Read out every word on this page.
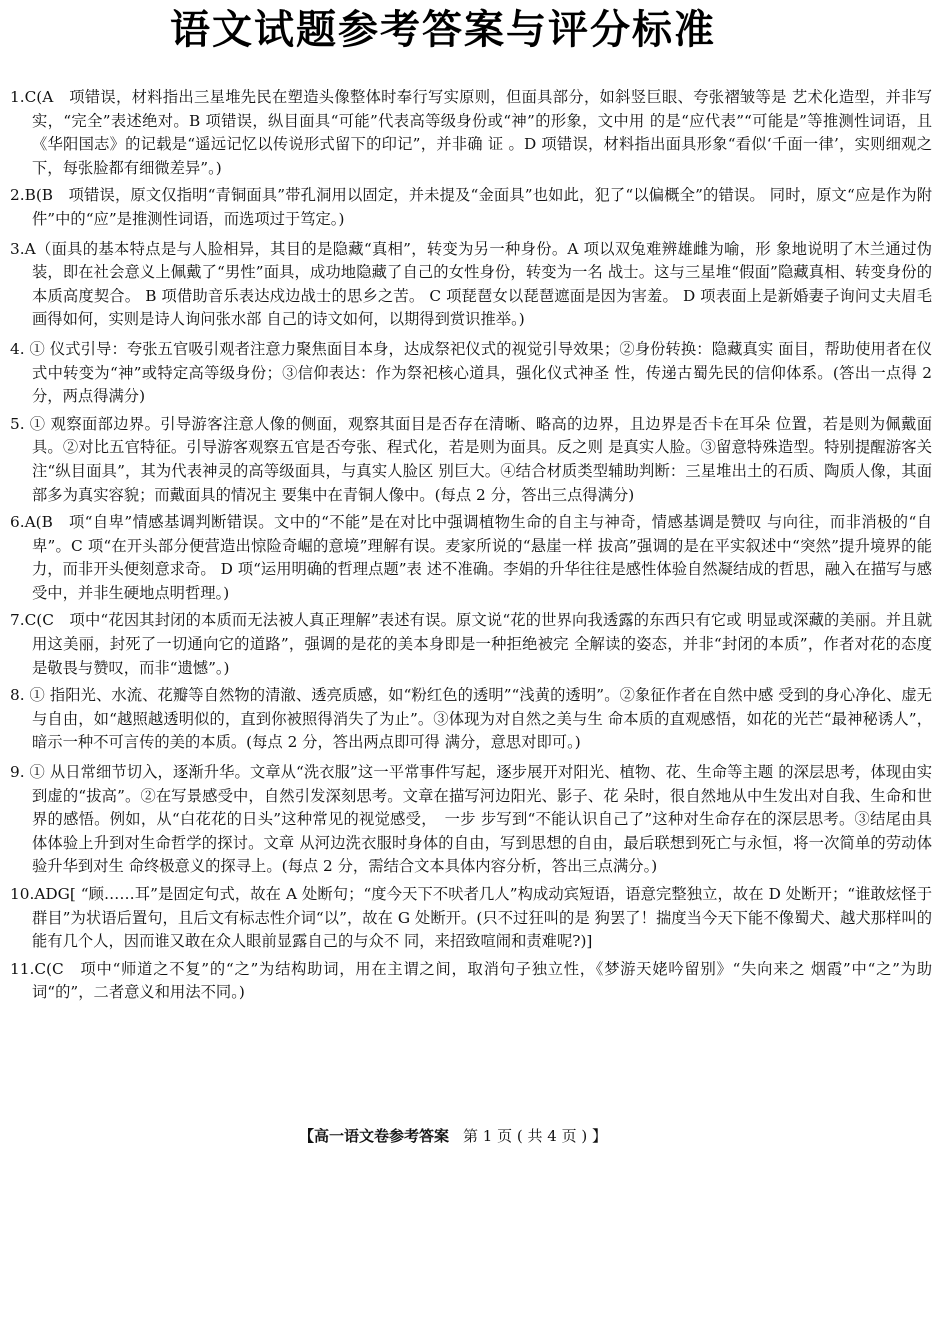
语文试题参考答案与评分标准

1.C(A　项错误，材料指出三星堆先民在塑造头像整体时奉行写实原则，但面具部分，如斜竖巨眼、夸张褶皱等是 艺术化造型，并非写实，“完全”表述绝对。B 项错误，纵目面具“可能”代表高等级身份或“神”的形象，文中用 的是“应代表”“可能是”等推测性词语，且《华阳国志》的记载是“遥远记忆以传说形式留下的印记”，并非确 证 。D 项错误，材料指出面具形象“看似‘千面一律’，实则细观之下，每张脸都有细微差异”。)

2.B(B　项错误，原文仅指明“青铜面具”带孔洞用以固定，并未提及“金面具”也如此，犯了“以偏概全”的错误。 同时，原文“应是作为附件”中的“应”是推测性词语，而选项过于笃定。)

3.A（面具的基本特点是与人脸相异，其目的是隐藏“真相”，转变为另一种身份。A 项以双兔难辨雄雌为喻，形 象地说明了木兰通过伪装，即在社会意义上佩戴了“男性”面具，成功地隐藏了自己的女性身份，转变为一名 战士。这与三星堆“假面”隐藏真相、转变身份的本质高度契合。 B 项借助音乐表达戍边战士的思乡之苦。 C 项琵琶女以琵琶遮面是因为害羞。 D 项表面上是新婚妻子询问丈夫眉毛画得如何，实则是诗人询问张水部 自己的诗文如何，以期得到赏识推举。)

4. ① 仪式引导：夸张五官吸引观者注意力聚焦面目本身，达成祭祀仪式的视觉引导效果；②身份转换：隐藏真实 面目，帮助使用者在仪式中转变为“神”或特定高等级身份；③信仰表达：作为祭祀核心道具，强化仪式神圣 性，传递古蜀先民的信仰体系。(答出一点得 2 分，两点得满分)

5. ① 观察面部边界。引导游客注意人像的侧面，观察其面目是否存在清晰、略高的边界，且边界是否卡在耳朵 位置，若是则为佩戴面具。②对比五官特征。引导游客观察五官是否夸张、程式化，若是则为面具。反之则 是真实人脸。③留意特殊造型。特别提醒游客关注“纵目面具”，其为代表神灵的高等级面具，与真实人脸区 别巨大。④结合材质类型辅助判断：三星堆出土的石质、陶质人像，其面部多为真实容貌；而戴面具的情况主 要集中在青铜人像中。(每点 2 分，答出三点得满分)

6.A(B　项“自卑”情感基调判断错误。文中的“不能”是在对比中强调植物生命的自主与神奇，情感基调是赞叹 与向往，而非消极的“自卑”。C 项“在开头部分便营造出惊险奇崛的意境”理解有误。麦家所说的“悬崖一样 拔高”强调的是在平实叙述中“突然”提升境界的能力，而非开头便刻意求奇。 D 项“运用明确的哲理点题”表 述不准确。李娟的升华往往是感性体验自然凝结成的哲思，融入在描写与感受中，并非生硬地点明哲理。)

7.C(C　项中“花因其封闭的本质而无法被人真正理解”表述有误。原文说“花的世界向我透露的东西只有它或 明显或深藏的美丽。并且就用这美丽，封死了一切通向它的道路”，强调的是花的美本身即是一种拒绝被完 全解读的姿态，并非“封闭的本质”，作者对花的态度是敬畏与赞叹，而非“遗憾”。)

8. ① 指阳光、水流、花瓣等自然物的清澈、透亮质感，如“粉红色的透明”“浅黄的透明”。②象征作者在自然中感 受到的身心净化、虚无与自由，如“越照越透明似的，直到你被照得消失了为止”。③体现为对自然之美与生 命本质的直观感悟，如花的光芒“最神秘诱人”，暗示一种不可言传的美的本质。(每点 2 分，答出两点即可得 满分，意思对即可。)

9. ① 从日常细节切入，逐渐升华。文章从“洗衣服”这一平常事件写起，逐步展开对阳光、植物、花、生命等主题 的深层思考，体现由实到虚的“拔高”。②在写景感受中，自然引发深刻思考。文章在描写河边阳光、影子、花 朵时，很自然地从中生发出对自我、生命和世界的感悟。例如，从“白花花的日头”这种常见的视觉感受，　一步 步写到“不能认识自己了”这种对生命存在的深层思考。③结尾由具体体验上升到对生命哲学的探讨。文章 从河边洗衣服时身体的自由，写到思想的自由，最后联想到死亡与永恒，将一次简单的劳动体验升华到对生 命终极意义的探寻上。(每点 2 分，需结合文本具体内容分析，答出三点满分。)

10.ADG[ “顾……耳”是固定句式，故在 A 处断句；“度今天下不吠者几人”构成动宾短语，语意完整独立，故在 D 处断开；“谁敢炫怪于群目”为状语后置句，且后文有标志性介词“以”，故在 G 处断开。(只不过狂叫的是 狗罢了！揣度当今天下能不像蜀犬、越犬那样叫的能有几个人，因而谁又敢在众人眼前显露自己的与众不 同，来招致喧闹和责难呢?)]

11.C(C　项中“师道之不复”的“之”为结构助词，用在主谓之间，取消句子独立性，《梦游天姥吟留别》“失向来之 烟霞”中“之”为助词“的”，二者意义和用法不同。)

【高一语文卷参考答案 第 1 页 ( 共 4 页 ) 】
